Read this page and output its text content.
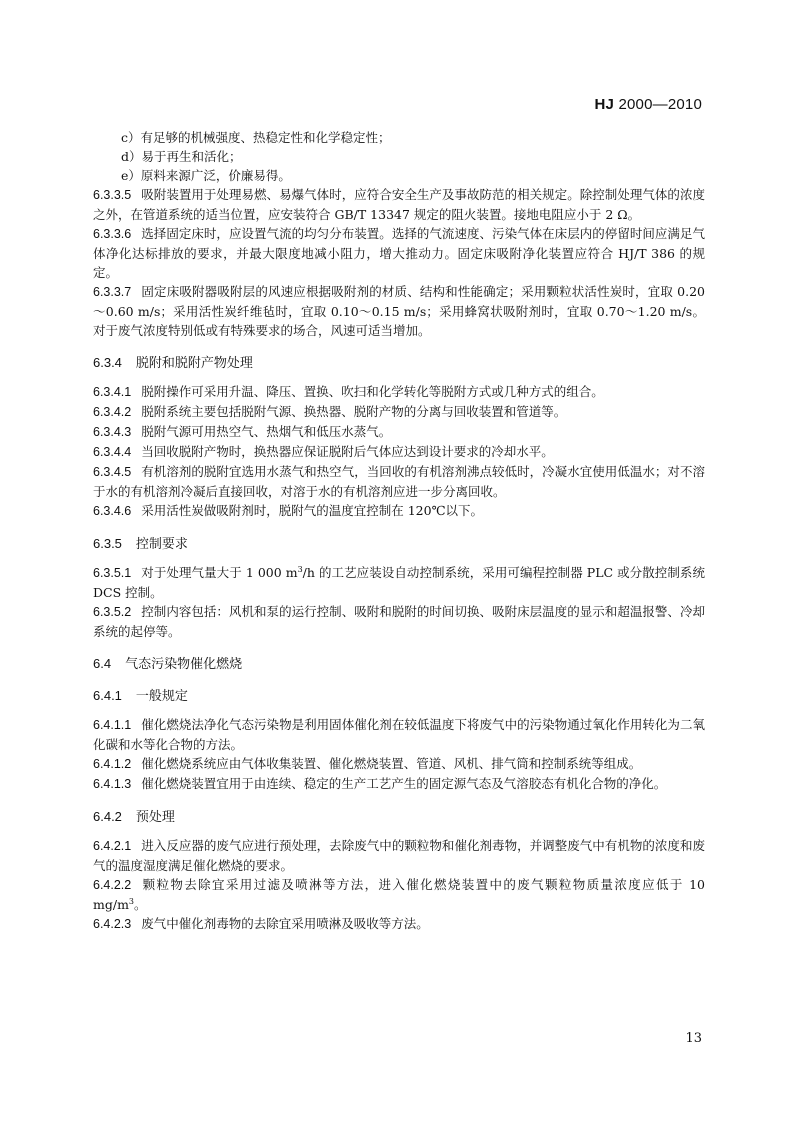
HJ 2000—2010

c）有足够的机械强度、热稳定性和化学稳定性；

d）易于再生和活化；

e）原料来源广泛，价廉易得。

6.3.3.5 吸附装置用于处理易燃、易爆气体时，应符合安全生产及事故防范的相关规定。除控制处理气体的浓度之外，在管道系统的适当位置，应安装符合 GB/T 13347 规定的阻火装置。接地电阻应小于 2 Ω。

6.3.3.6 选择固定床时，应设置气流的均匀分布装置。选择的气流速度、污染气体在床层内的停留时间应满足气体净化达标排放的要求，并最大限度地减小阻力，增大推动力。固定床吸附净化装置应符合 HJ/T 386 的规定。

6.3.3.7 固定床吸附器吸附层的风速应根据吸附剂的材质、结构和性能确定；采用颗粒状活性炭时，宜取 0.20～0.60 m/s；采用活性炭纤维毡时，宜取 0.10～0.15 m/s；采用蜂窝状吸附剂时，宜取 0.70～1.20 m/s。对于废气浓度特别低或有特殊要求的场合，风速可适当增加。

6.3.4 脱附和脱附产物处理

6.3.4.1 脱附操作可采用升温、降压、置换、吹扫和化学转化等脱附方式或几种方式的组合。

6.3.4.2 脱附系统主要包括脱附气源、换热器、脱附产物的分离与回收装置和管道等。

6.3.4.3 脱附气源可用热空气、热烟气和低压水蒸气。

6.3.4.4 当回收脱附产物时，换热器应保证脱附后气体应达到设计要求的冷却水平。

6.3.4.5 有机溶剂的脱附宜选用水蒸气和热空气，当回收的有机溶剂沸点较低时，冷凝水宜使用低温水；对不溶于水的有机溶剂冷凝后直接回收，对溶于水的有机溶剂应进一步分离回收。

6.3.4.6 采用活性炭做吸附剂时，脱附气的温度宜控制在 120℃以下。

6.3.5 控制要求

6.3.5.1 对于处理气量大于 1 000 $m^3/h$ 的工艺应装设自动控制系统，采用可编程控制器 PLC 或分散控制系统 DCS 控制。

6.3.5.2 控制内容包括：风机和泵的运行控制、吸附和脱附的时间切换、吸附床层温度的显示和超温报警、冷却系统的起停等。

6.4 气态污染物催化燃烧
6.4.1 一般规定

6.4.1.1 催化燃烧法净化气态污染物是利用固体催化剂在较低温度下将废气中的污染物通过氧化作用转化为二氧化碳和水等化合物的方法。

6.4.1.2 催化燃烧系统应由气体收集装置、催化燃烧装置、管道、风机、排气筒和控制系统等组成。

6.4.1.3 催化燃烧装置宜用于由连续、稳定的生产工艺产生的固定源气态及气溶胶态有机化合物的净化。

6.4.2 预处理

6.4.2.1 进入反应器的废气应进行预处理，去除废气中的颗粒物和催化剂毒物，并调整废气中有机物的浓度和废气的温度湿度满足催化燃烧的要求。

6.4.2.2 颗粒物去除宜采用过滤及喷淋等方法，进入催化燃烧装置中的废气颗粒物质量浓度应低于 10 $mg/m^3$。

6.4.2.3 废气中催化剂毒物的去除宜采用喷淋及吸收等方法。

13
